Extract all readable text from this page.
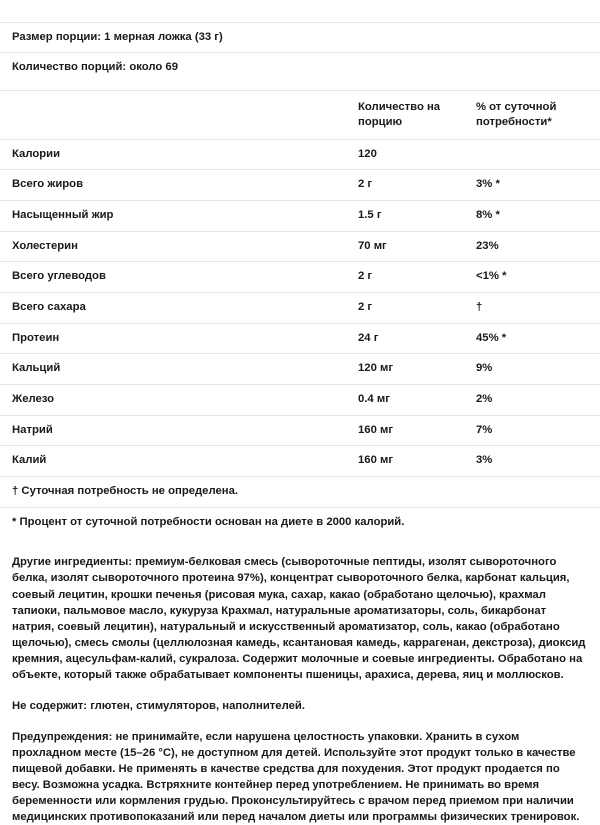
Размер порции: 1 мерная ложка (33 г)
Количество порций: около 69
	Количество на порцию	% от суточной потребности*
Калории	120	
Всего жиров	2 г	3% *
Насыщенный жир	1.5 г	8% *
Холестерин	70 мг	23%
Всего углеводов	2 г	<1% *
Всего сахара	2 г	†
Протеин	24 г	45% *
Кальций	120 мг	9%
Железо	0.4 мг	2%
Натрий	160 мг	7%
Калий	160 мг	3%
† Суточная потребность не определена.
* Процент от суточной потребности основан на диете в 2000 калорий.

Другие ингредиенты: премиум-белковая смесь (сывороточные пептиды, изолят сывороточного белка, изолят сывороточного протеина 97%), концентрат сывороточного белка, карбонат кальция, соевый лецитин, крошки печенья (рисовая мука, сахар, какао (обработано щелочью), крахмал тапиоки, пальмовое масло, кукуруза Крахмал, натуральные ароматизаторы, соль, бикарбонат натрия, соевый лецитин), натуральный и искусственный ароматизатор, соль, какао (обработано щелочью), смесь смолы (целлюлозная камедь, ксантановая камедь, каррагенан, декстроза), диоксид кремния, ацесульфам-калий, сукралоза. Содержит молочные и соевые ингредиенты. Обработано на объекте, который также обрабатывает компоненты пшеницы, арахиса, дерева, яиц и моллюсков.

Не содержит: глютен, стимуляторов, наполнителей.

Предупреждения: не принимайте, если нарушена целостность упаковки. Хранить в сухом прохладном месте (15–26 °C), не доступном для детей. Используйте этот продукт только в качестве пищевой добавки. Не применять в качестве средства для похудения. Этот продукт продается по весу. Возможна усадка. Встряхните контейнер перед употреблением. Не принимать во время беременности или кормления грудью. Проконсультируйтесь с врачом перед приемом при наличии медицинских противопоказаний или перед началом диеты или программы физических тренировок.
